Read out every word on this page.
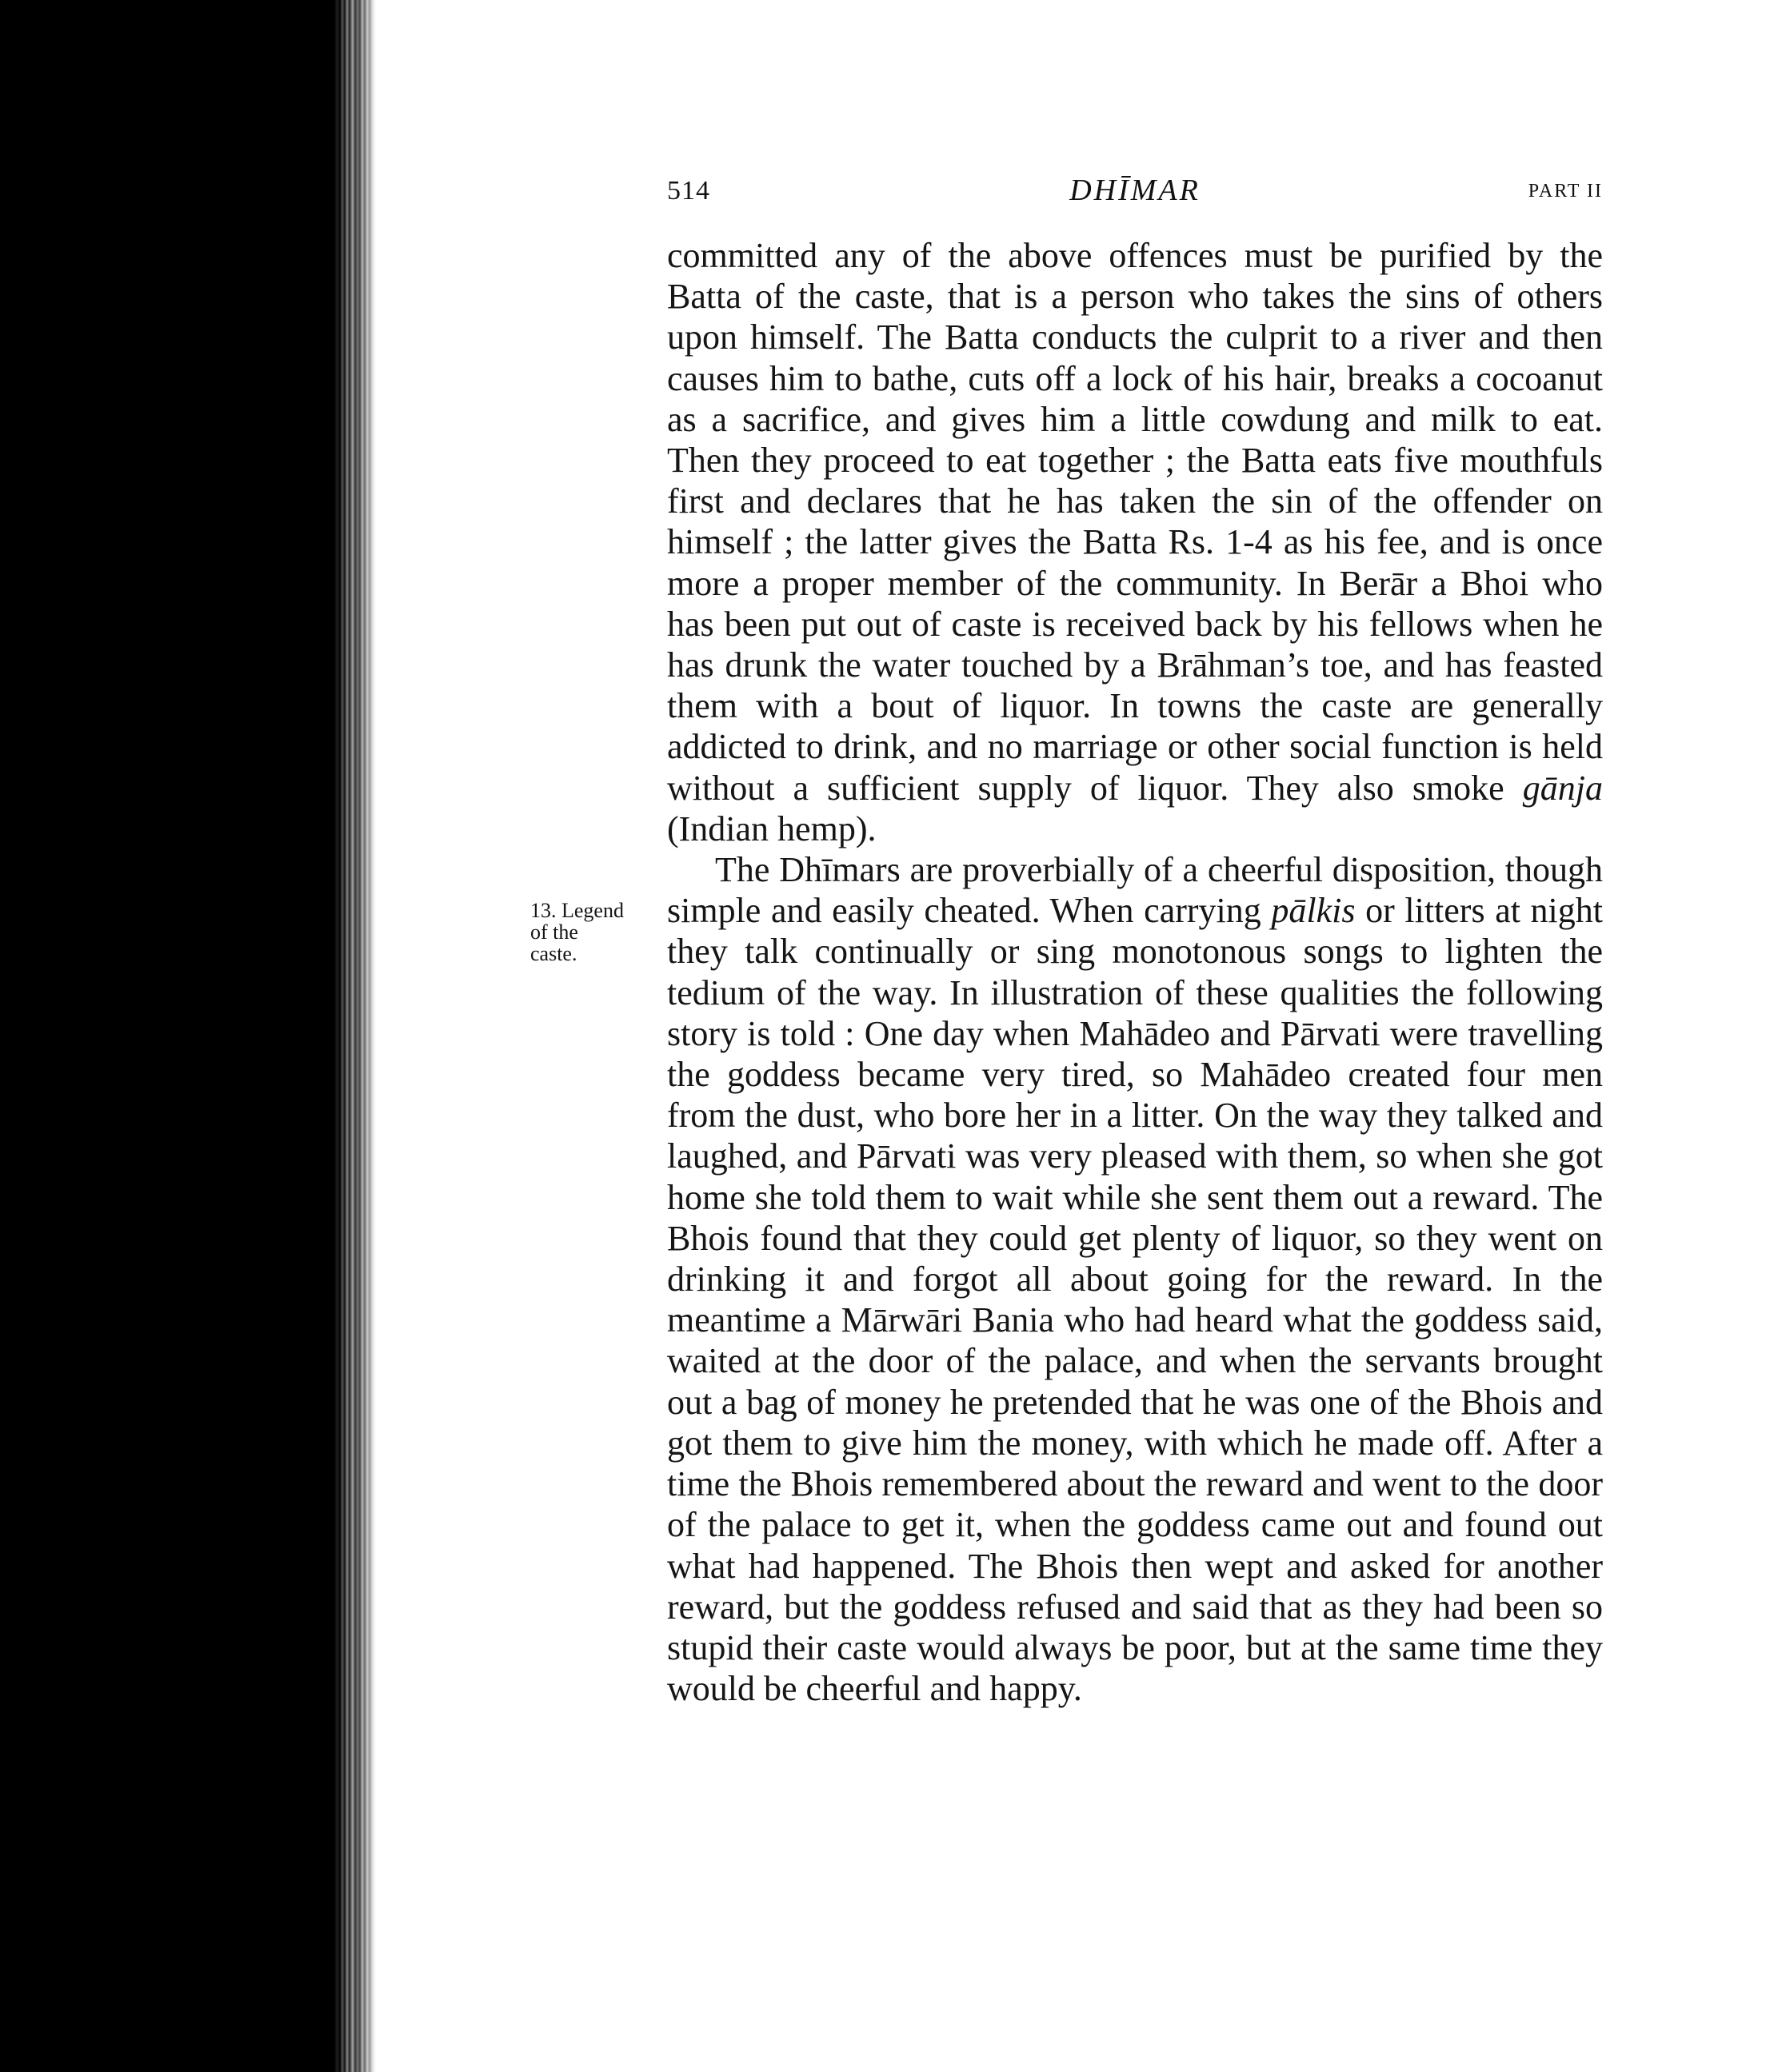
514	DHĪMAR	PART II

committed any of the above offences must be purified by the Batta of the caste, that is a person who takes the sins of others upon himself. The Batta conducts the culprit to a river and then causes him to bathe, cuts off a lock of his hair, breaks a cocoanut as a sacrifice, and gives him a little cowdung and milk to eat. Then they proceed to eat together ; the Batta eats five mouthfuls first and declares that he has taken the sin of the offender on himself ; the latter gives the Batta Rs. 1-4 as his fee, and is once more a proper member of the community. In Berār a Bhoi who has been put out of caste is received back by his fellows when he has drunk the water touched by a Brāhman’s toe, and has feasted them with a bout of liquor. In towns the caste are generally addicted to drink, and no marriage or other social function is held without a sufficient supply of liquor. They also smoke gānja (Indian hemp).

The Dhīmars are proverbially of a cheerful disposition, though simple and easily cheated. When carrying pālkis or litters at night they talk continually or sing monotonous songs to lighten the tedium of the way. In illustration of these qualities the following story is told : One day when Mahādeo and Pārvati were travelling the goddess became very tired, so Mahādeo created four men from the dust, who bore her in a litter. On the way they talked and laughed, and Pārvati was very pleased with them, so when she got home she told them to wait while she sent them out a reward. The Bhois found that they could get plenty of liquor, so they went on drinking it and forgot all about going for the reward. In the meantime a Mārwāri Bania who had heard what the goddess said, waited at the door of the palace, and when the servants brought out a bag of money he pretended that he was one of the Bhois and got them to give him the money, with which he made off. After a time the Bhois remembered about the reward and went to the door of the palace to get it, when the goddess came out and found out what had happened. The Bhois then wept and asked for another reward, but the goddess refused and said that as they had been so stupid their caste would always be poor, but at the same time they would be cheerful and happy.

13. Legend
of the
caste.
